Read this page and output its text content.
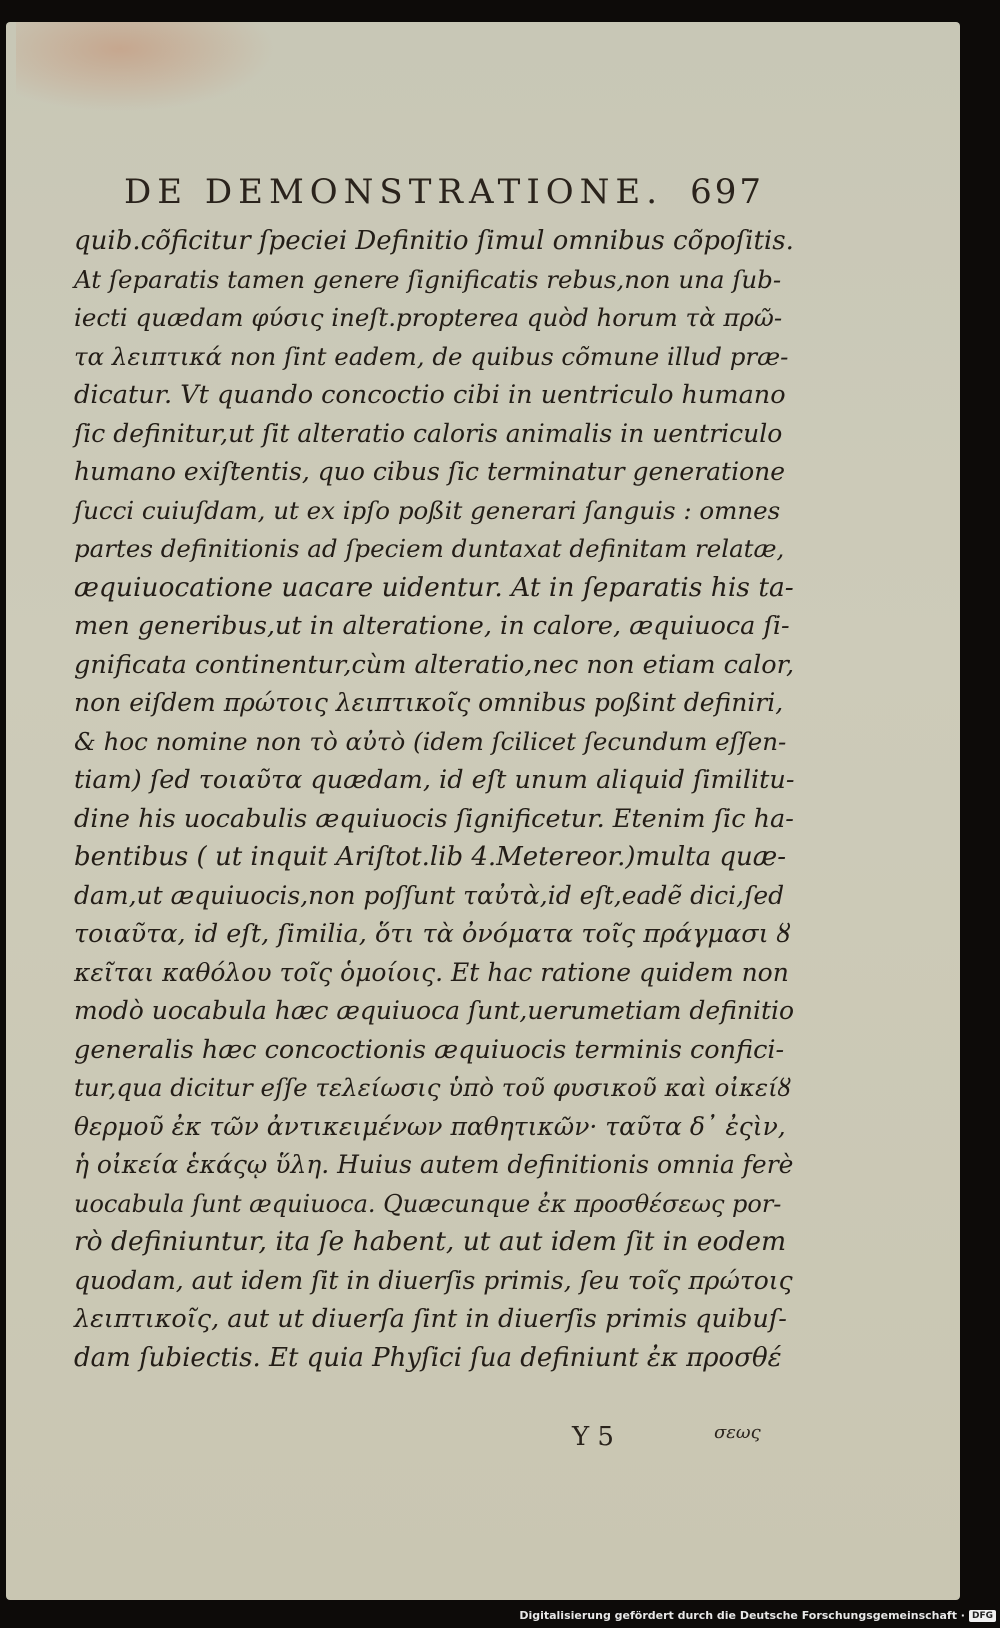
DE DEMONSTRATIONE. 697
quib.cõficitur ſpeciei Definitio ſimul omnibus cõpoſitis.
At ſeparatis tamen genere ſignificatis rebus,non una ſub-
iecti quædam φύσις ineſt.propterea quòd horum τὰ πρῶ-
τα λειπτικά non ſint eadem, de quibus cõmune illud præ-
dicatur. Vt quando concoctio cibi in uentriculo humano
ſic definitur,ut ſit alteratio caloris animalis in uentriculo
humano exiſtentis, quo cibus ſic terminatur generatione
ſucci cuiuſdam, ut ex ipſo poßit generari ſanguis : omnes
partes definitionis ad ſpeciem duntaxat definitam relatæ,
æquiuocatione uacare uidentur. At in ſeparatis his ta-
men generibus,ut in alteratione, in calore, æquiuoca ſi-
gnificata continentur,cùm alteratio,nec non etiam calor,
non eiſdem πρώτοις λειπτικοῖς omnibus poßint definiri,
& hoc nomine non τὸ αὐτὸ (idem ſcilicet ſecundum eſſen-
tiam) ſed τοιαῦτα quædam, id eſt unum aliquid ſimilitu-
dine his uocabulis æquiuocis ſignificetur. Etenim ſic ha-
bentibus ( ut inquit Ariſtot.lib 4.Metereor.)multa quæ-
dam,ut æquiuocis,non poſſunt ταὐτὰ,id eſt,eadẽ dici,ſed
τοιαῦτα, id eſt, ſimilia, ὅτι τὰ ὀνόματα τοῖς πράγμασι ȣ
κεῖται καθόλου τοῖς ὁμοίοις. Et hac ratione quidem non
modò uocabula hæc æquiuoca ſunt,uerumetiam definitio
generalis hæc concoctionis æquiuocis terminis confici-
tur,qua dicitur eſſe τελείωσις ὑπὸ τοῦ φυσικοῦ καὶ οἰκείȣ
θερμοῦ ἐκ τῶν ἀντικειμένων παθητικῶν· ταῦτα δ᾽ ἐςὶν,
ἡ οἰκεία ἑκάςῳ ὕλη. Huius autem definitionis omnia ferè
uocabula ſunt æquiuoca. Quæcunque ἐκ προσθέσεως por-
rò definiuntur, ita ſe habent, ut aut idem ſit in eodem
quodam, aut idem ſit in diuerſis primis, ſeu τοῖς πρώτοις
λειπτικοῖς, aut ut diuerſa ſint in diuerſis primis quibuſ-
dam ſubiectis. Et quia Phyſici ſua definiunt ἐκ προσθέ
Y 5	σεως
Digitalisierung gefördert durch die Deutsche Forschungsgemeinschaft · DFG
